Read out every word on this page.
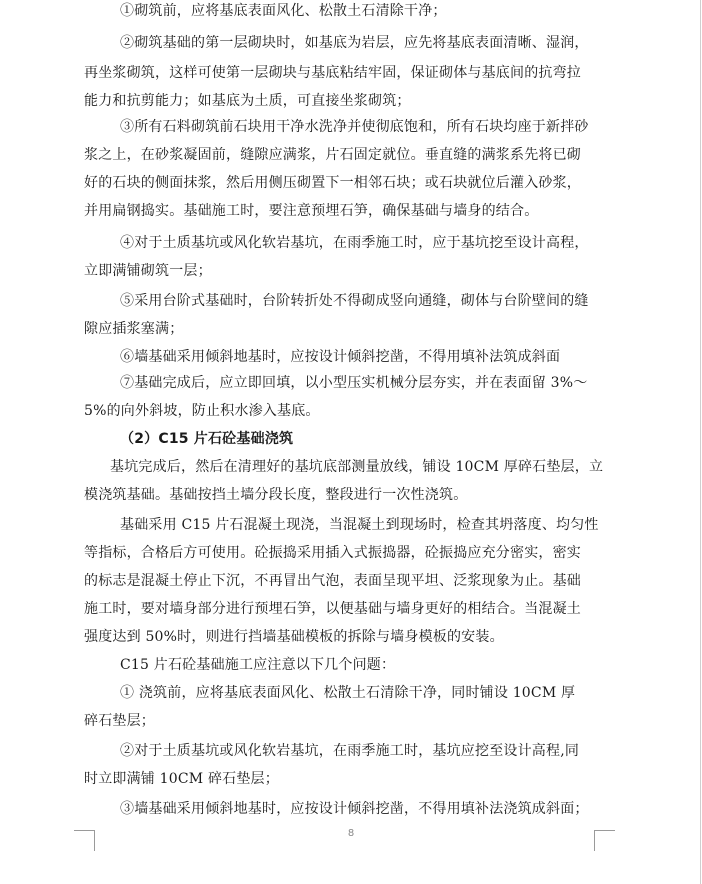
①砌筑前，应将基底表面风化、松散土石清除干净；
②砌筑基础的第一层砌块时，如基底为岩层，应先将基底表面清晰、湿润，
再坐浆砌筑，这样可使第一层砌块与基底粘结牢固，保证砌体与基底间的抗弯拉
能力和抗剪能力；如基底为土质，可直接坐浆砌筑；
③所有石料砌筑前石块用干净水洗净并使彻底饱和，所有石块均座于新拌砂
浆之上，在砂浆凝固前，缝隙应满浆，片石固定就位。垂直缝的满浆系先将已砌
好的石块的侧面抹浆，然后用侧压砌置下一相邻石块；或石块就位后灌入砂浆，
并用扁钢捣实。基础施工时，要注意预埋石笋，确保基础与墙身的结合。
④对于土质基坑或风化软岩基坑，在雨季施工时，应于基坑挖至设计高程，
立即满铺砌筑一层；
⑤采用台阶式基础时，台阶转折处不得砌成竖向通缝，砌体与台阶壁间的缝
隙应插浆塞满；
⑥墙基础采用倾斜地基时，应按设计倾斜挖凿，不得用填补法筑成斜面
⑦基础完成后，应立即回填，以小型压实机械分层夯实，并在表面留 3%～
5%的向外斜坡，防止积水渗入基底。
（2）C15 片石砼基础浇筑
基坑完成后，然后在清理好的基坑底部测量放线，铺设 10CM 厚碎石垫层，立
模浇筑基础。基础按挡土墙分段长度，整段进行一次性浇筑。
基础采用 C15 片石混凝土现浇，当混凝土到现场时，检查其坍落度、均匀性
等指标，合格后方可使用。砼振捣采用插入式振捣器，砼振捣应充分密实，密实
的标志是混凝土停止下沉，不再冒出气泡，表面呈现平坦、泛浆现象为止。基础
施工时，要对墙身部分进行预埋石笋，以便基础与墙身更好的相结合。当混凝土
强度达到 50%时，则进行挡墙基础模板的拆除与墙身模板的安装。
C15 片石砼基础施工应注意以下几个问题：
① 浇筑前，应将基底表面风化、松散土石清除干净，同时铺设 10CM 厚
碎石垫层；
②对于土质基坑或风化软岩基坑，在雨季施工时，基坑应挖至设计高程,同
时立即满铺 10CM 碎石垫层；
③墙基础采用倾斜地基时，应按设计倾斜挖凿，不得用填补法浇筑成斜面；
8
